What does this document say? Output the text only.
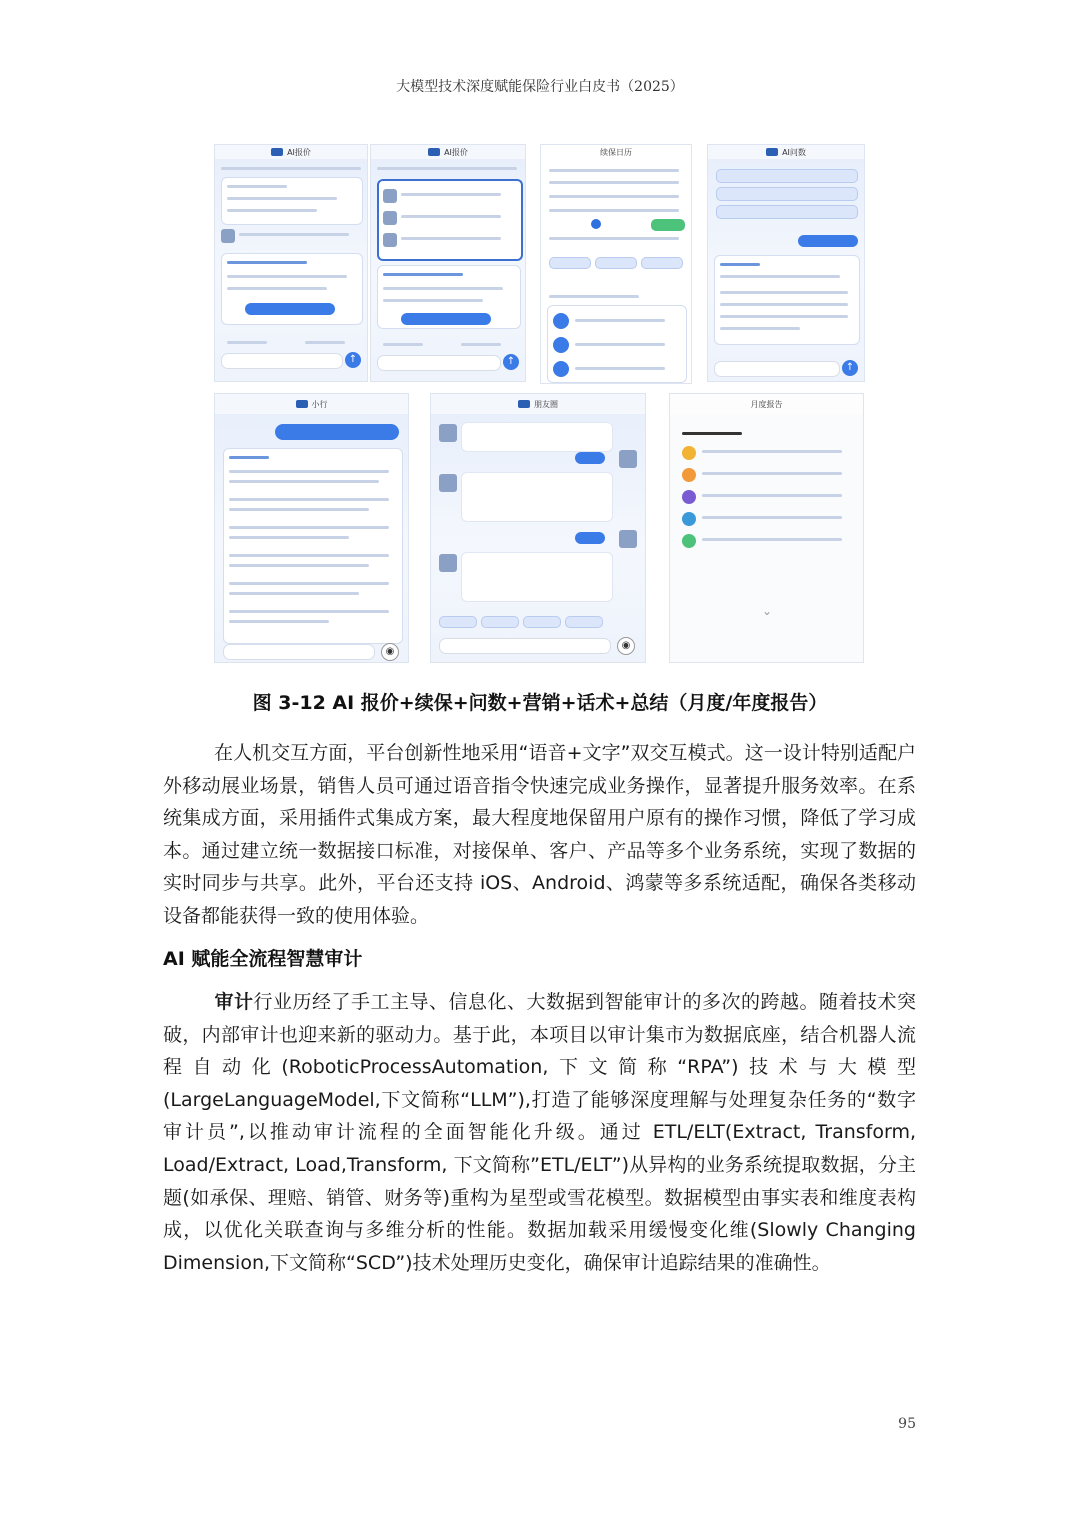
大模型技术深度赋能保险行业白皮书（2025）
AI报价
↑
AI报价
↑
续保日历	AI问数
↑
小行
◉
朋友圈
◉
月度报告
⌄
图 3-12 AI 报价+续保+问数+营销+话术+总结（月度/年度报告）
在人机交互方面，平台创新性地采用“语音+文字”双交互模式。这一设计特别适配户外移动展业场景，销售人员可通过语音指令快速完成业务操作，显著提升服务效率。在系统集成方面，采用插件式集成方案，最大程度地保留用户原有的操作习惯，降低了学习成本。通过建立统一数据接口标准，对接保单、客户、产品等多个业务系统，实现了数据的实时同步与共享。此外，平台还支持 iOS、Android、鸿蒙等多系统适配，确保各类移动设备都能获得一致的使用体验。
AI 赋能全流程智慧审计
审计行业历经了手工主导、信息化、大数据到智能审计的多次的跨越。随着技术突破，内部审计也迎来新的驱动力。基于此，本项目以审计集市为数据底座，结合机器人流程自动化(RoboticProcessAutomation,下文简称“RPA”)技术与大模型(LargeLanguageModel,下文简称“LLM”),打造了能够深度理解与处理复杂任务的“数字审计员”,以推动审计流程的全面智能化升级。通过 ETL/ELT(Extract, Transform, Load/Extract, Load,Transform, 下文简称”ETL/ELT”)从异构的业务系统提取数据，分主题(如承保、理赔、销管、财务等)重构为星型或雪花模型。数据模型由事实表和维度表构成，以优化关联查询与多维分析的性能。数据加载采用缓慢变化维(Slowly Changing Dimension,下文简称“SCD”)技术处理历史变化，确保审计追踪结果的准确性。
95
